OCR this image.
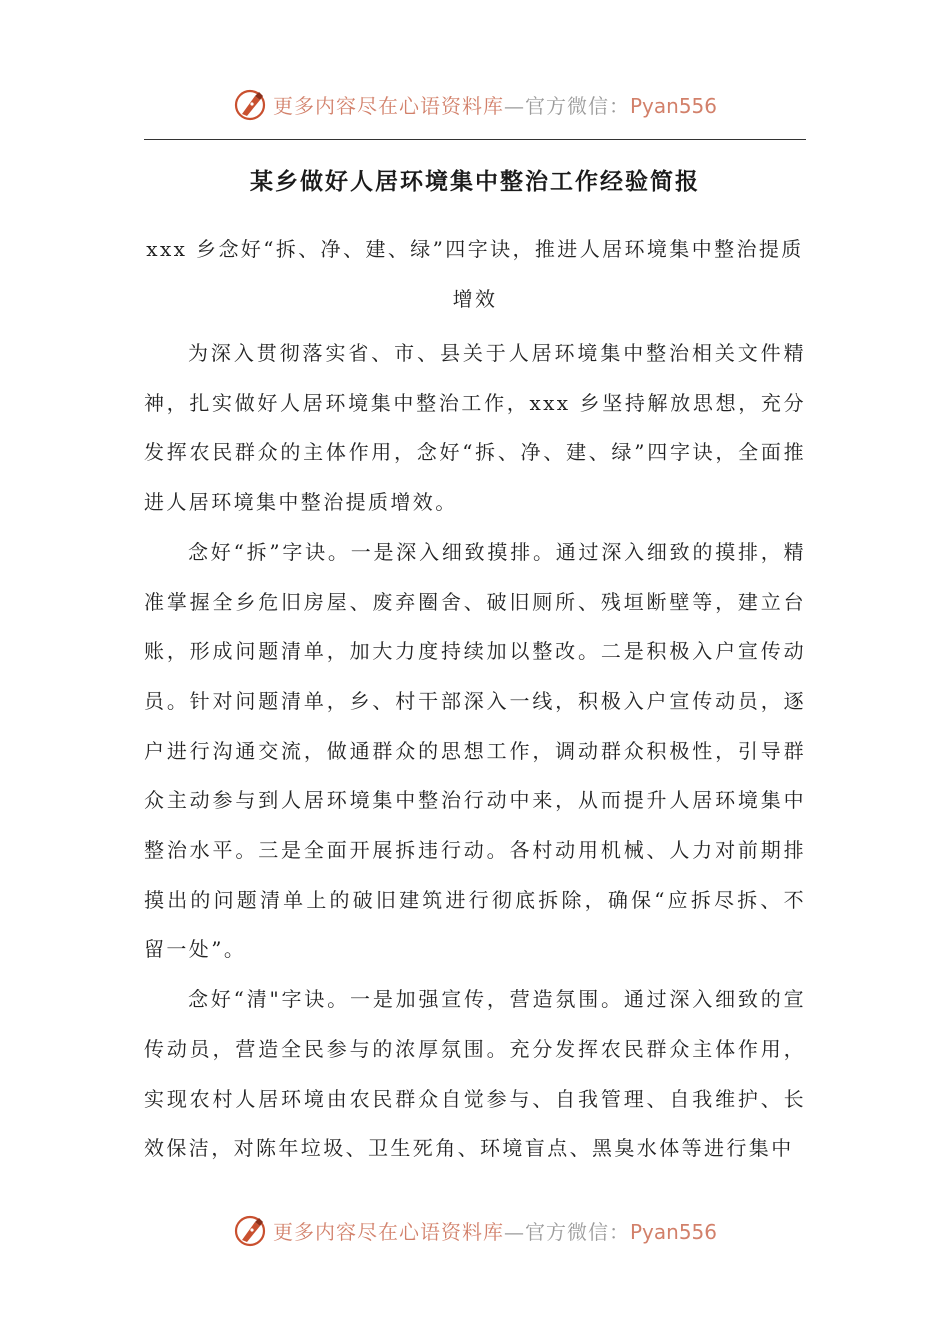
更多内容尽在心语资料库 — 官方微信： Pyan556
某乡做好人居环境集中整治工作经验简报
xxx 乡念好“拆、净、建、绿”四字诀，推进人居环境集中整治提质增效

为深入贯彻落实省、市、县关于人居环境集中整治相关文件精神，扎实做好人居环境集中整治工作，xxx 乡坚持解放思想，充分发挥农民群众的主体作用，念好“拆、净、建、绿”四字诀，全面推进人居环境集中整治提质增效。

念好“拆”字诀。一是深入细致摸排。通过深入细致的摸排，精准掌握全乡危旧房屋、废弃圈舍、破旧厕所、残垣断壁等，建立台账，形成问题清单，加大力度持续加以整改。二是积极入户宣传动员。针对问题清单，乡、村干部深入一线，积极入户宣传动员，逐户进行沟通交流，做通群众的思想工作，调动群众积极性，引导群众主动参与到人居环境集中整治行动中来，从而提升人居环境集中整治水平。三是全面开展拆违行动。各村动用机械、人力对前期排摸出的问题清单上的破旧建筑进行彻底拆除，确保“应拆尽拆、不留一处”。

念好“清"字诀。一是加强宣传，营造氛围。通过深入细致的宣传动员，营造全民参与的浓厚氛围。充分发挥农民群众主体作用，实现农村人居环境由农民群众自觉参与、自我管理、自我维护、长效保洁，对陈年垃圾、卫生死角、环境盲点、黑臭水体等进行集中

更多内容尽在心语资料库 — 官方微信： Pyan556
